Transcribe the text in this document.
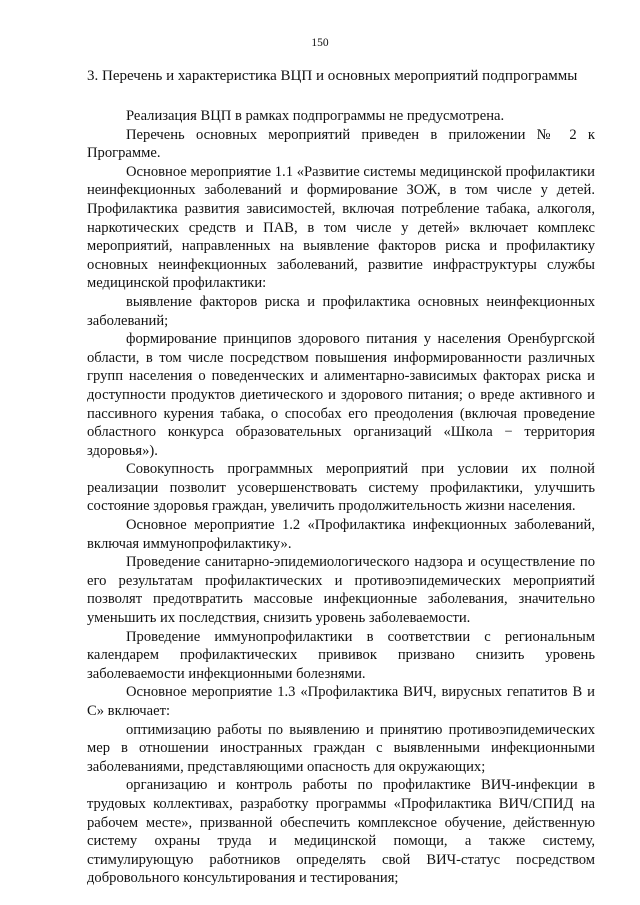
150

3. Перечень и характеристика ВЦП и основных мероприятий подпрограммы

Реализация ВЦП в рамках подпрограммы не предусмотрена.

Перечень основных мероприятий приведен в приложении № 2 к Программе.

Основное мероприятие 1.1 «Развитие системы медицинской профилактики неинфекционных заболеваний и формирование ЗОЖ, в том числе у детей. Профилактика развития зависимостей, включая потребление табака, алкоголя, наркотических средств и ПАВ, в том числе у детей» включает комплекс мероприятий, направленных на выявление факторов риска и профилактику основных неинфекционных заболеваний, развитие инфраструктуры службы медицинской профилактики:

выявление факторов риска и профилактика основных неинфекционных заболеваний;

формирование принципов здорового питания у населения Оренбургской области, в том числе посредством повышения информированности различных групп населения о поведенческих и алиментарно-зависимых факторах риска и доступности продуктов диетического и здорового питания; о вреде активного и пассивного курения табака, о способах его преодоления (включая проведение областного конкурса образовательных организаций «Школа − территория здоровья»).

Совокупность программных мероприятий при условии их полной реализации позволит усовершенствовать систему профилактики, улучшить состояние здоровья граждан, увеличить продолжительность жизни населения.

Основное мероприятие 1.2 «Профилактика инфекционных заболеваний, включая иммунопрофилактику».

Проведение санитарно-эпидемиологического надзора и осуществление по его результатам профилактических и противоэпидемических мероприятий позволят предотвратить массовые инфекционные заболевания, значительно уменьшить их последствия, снизить уровень заболеваемости.

Проведение иммунопрофилактики в соответствии с региональным календарем профилактических прививок призвано снизить уровень заболеваемости инфекционными болезнями.

Основное мероприятие 1.3 «Профилактика ВИЧ, вирусных гепатитов В и С» включает:

оптимизацию работы по выявлению и принятию противоэпидемических мер в отношении иностранных граждан с выявленными инфекционными заболеваниями, представляющими опасность для окружающих;

организацию и контроль работы по профилактике ВИЧ-инфекции в трудовых коллективах, разработку программы «Профилактика ВИЧ/СПИД на рабочем месте», призванной обеспечить комплексное обучение, действенную систему охраны труда и медицинской помощи, а также систему, стимулирующую работников определять свой ВИЧ-статус посредством добровольного консультирования и тестирования;
